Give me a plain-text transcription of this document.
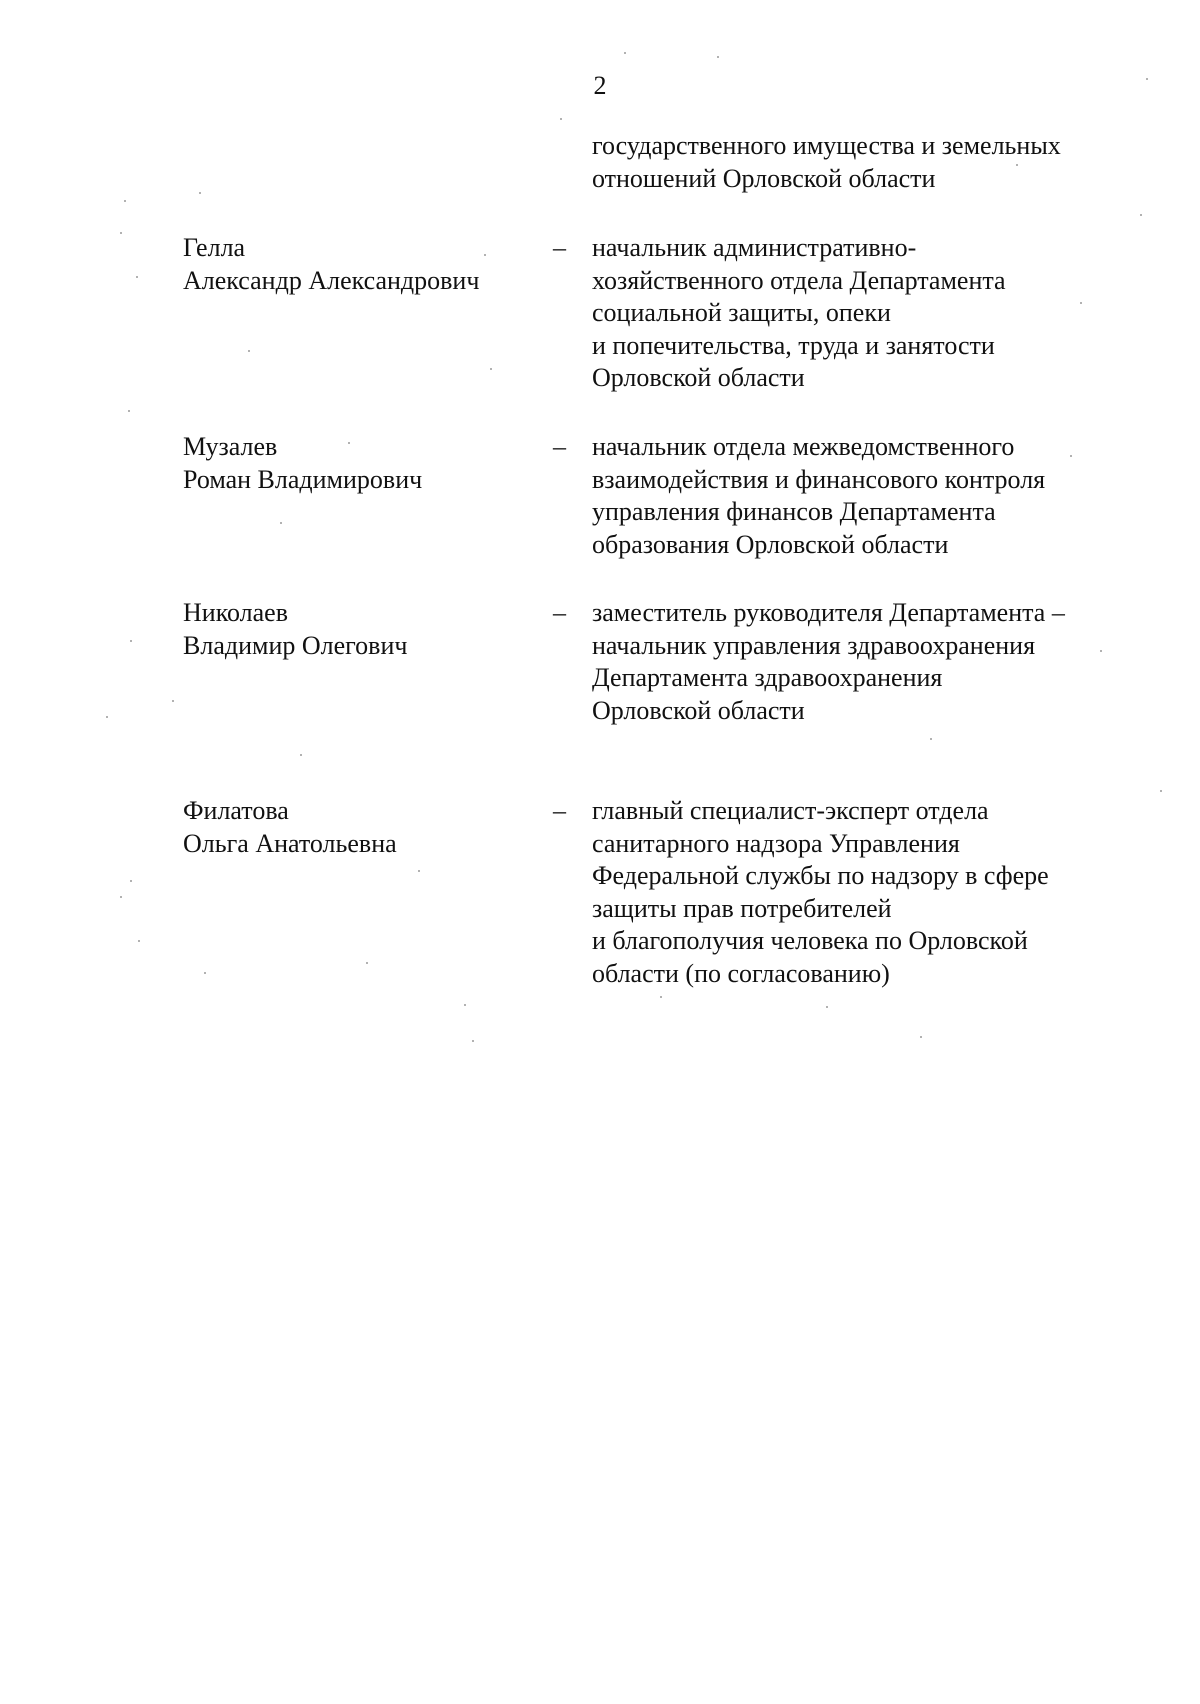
2
государственного имущества и земельных
отношений Орловской области
Гелла
Александр Александрович
– начальник административно-
хозяйственного отдела Департамента
социальной защиты, опеки
и попечительства, труда и занятости
Орловской области
Музалев
Роман Владимирович
– начальник отдела межведомственного
взаимодействия и финансового контроля
управления финансов Департамента
образования Орловской области
Николаев
Владимир Олегович
– заместитель руководителя Департамента –
начальник управления здравоохранения
Департамента здравоохранения
Орловской области
Филатова
Ольга Анатольевна
– главный специалист-эксперт отдела
санитарного надзора Управления
Федеральной службы по надзору в сфере
защиты прав потребителей
и благополучия человека по Орловской
области (по согласованию)
